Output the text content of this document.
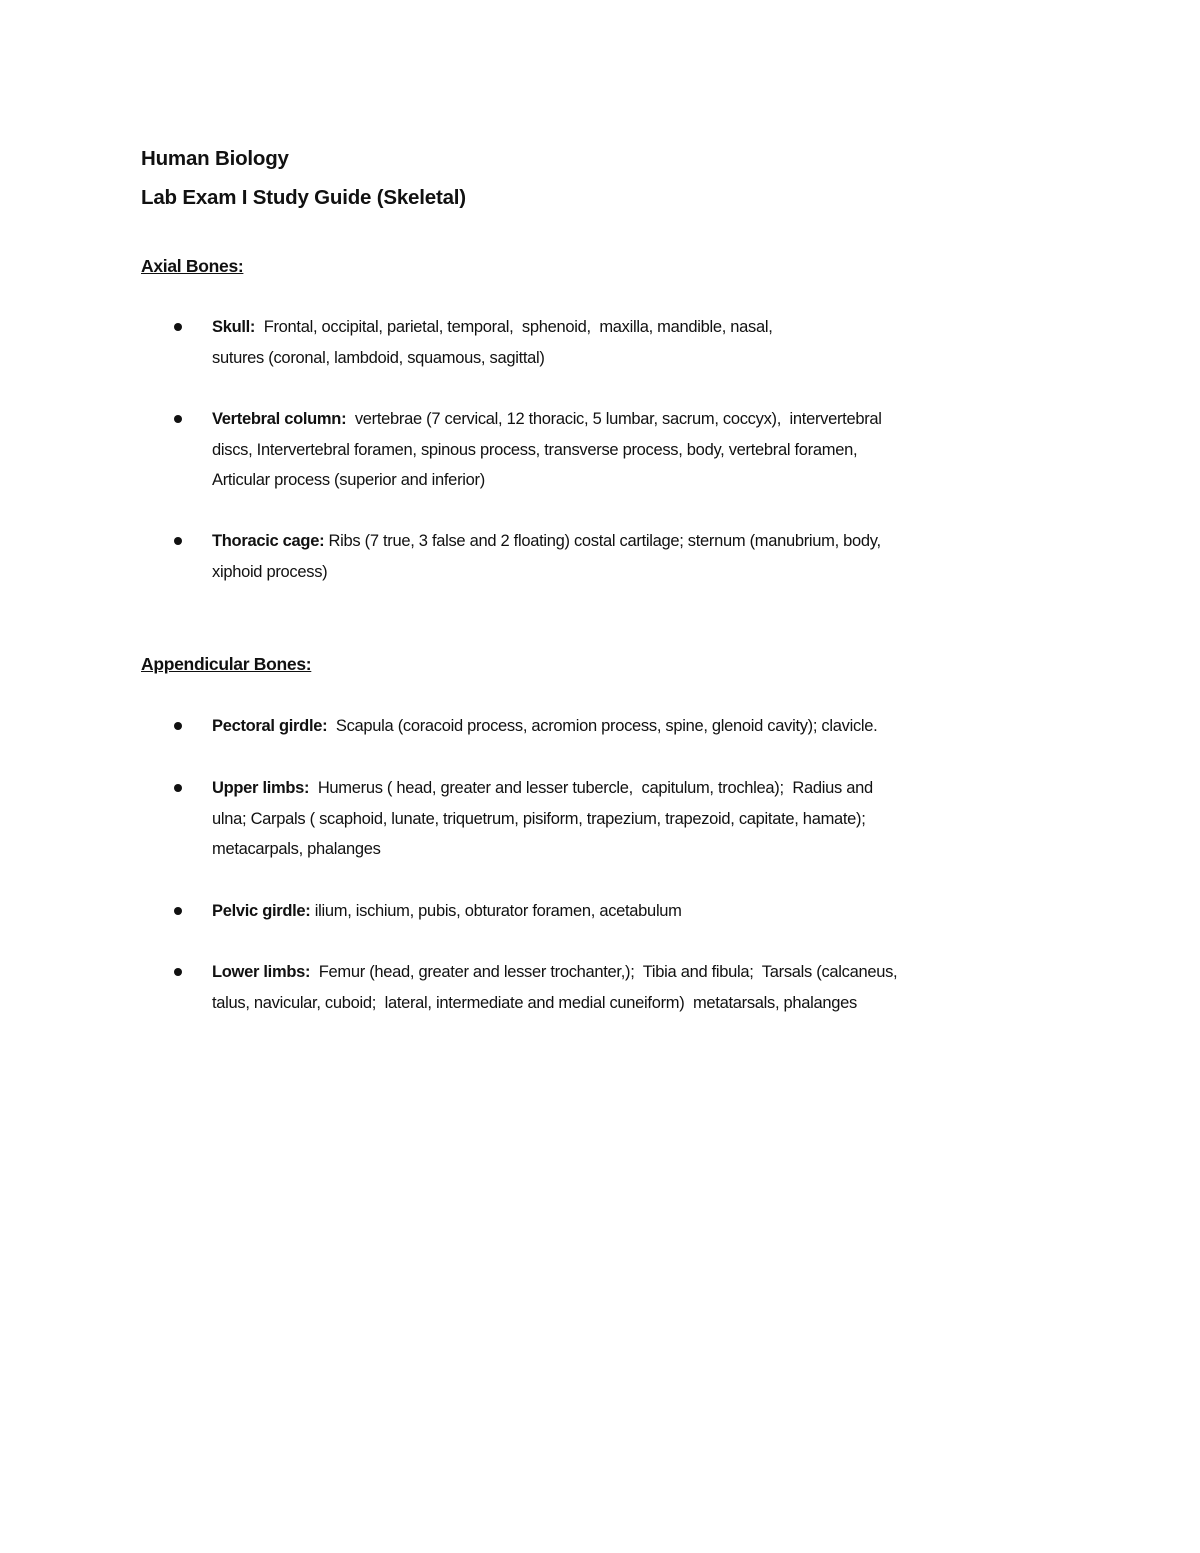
Human Biology
Lab Exam I Study Guide (Skeletal)
Axial Bones:
Skull:  Frontal, occipital, parietal, temporal,  sphenoid,  maxilla, mandible, nasal,
sutures (coronal, lambdoid, squamous, sagittal)
Vertebral column:  vertebrae (7 cervical, 12 thoracic, 5 lumbar, sacrum, coccyx),  intervertebral
discs, Intervertebral foramen, spinous process, transverse process, body, vertebral foramen,
Articular process (superior and inferior)
Thoracic cage: Ribs (7 true, 3 false and 2 floating) costal cartilage; sternum (manubrium, body,
xiphoid process)
Appendicular Bones:
Pectoral girdle:  Scapula (coracoid process, acromion process, spine, glenoid cavity); clavicle.
Upper limbs:  Humerus ( head, greater and lesser tubercle,  capitulum, trochlea);  Radius and
ulna; Carpals ( scaphoid, lunate, triquetrum, pisiform, trapezium, trapezoid, capitate, hamate);
metacarpals, phalanges
Pelvic girdle: ilium, ischium, pubis, obturator foramen, acetabulum
Lower limbs:  Femur (head, greater and lesser trochanter,);  Tibia and fibula;  Tarsals (calcaneus,
talus, navicular, cuboid;  lateral, intermediate and medial cuneiform)  metatarsals, phalanges
